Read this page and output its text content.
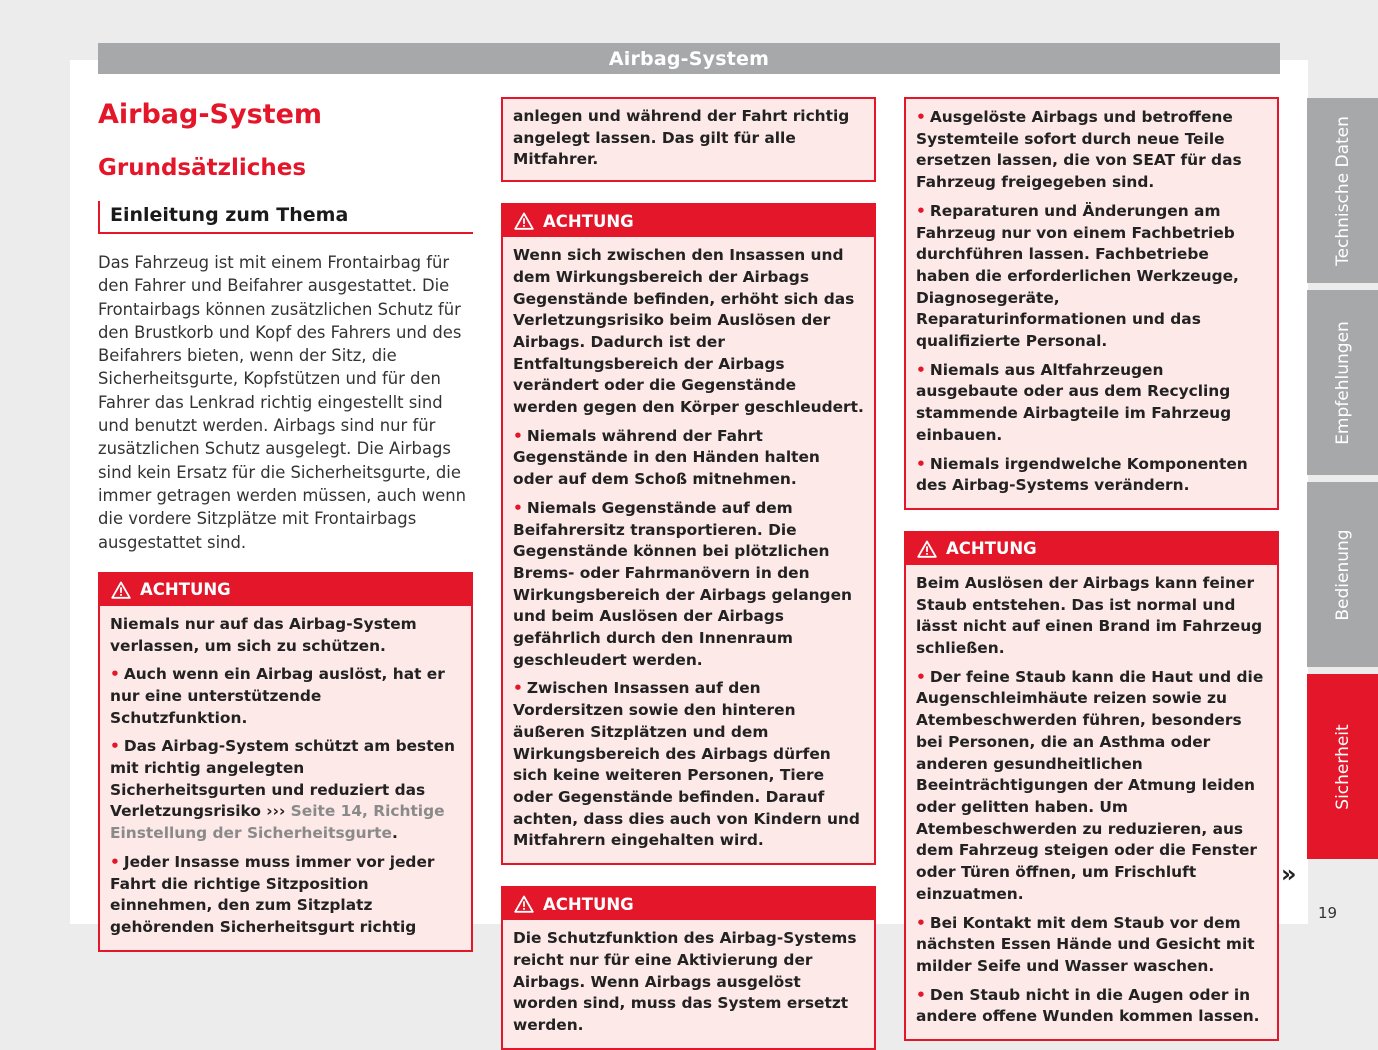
Airbag-System
Airbag-System
Grundsätzliches
Einleitung zum Thema
Das Fahrzeug ist mit einem Frontairbag für den Fahrer und Beifahrer ausgestattet. Die Frontairbags können zusätzlichen Schutz für den Brustkorb und Kopf des Fahrers und des Beifahrers bieten, wenn der Sitz, die Sicherheitsgurte, Kopfstützen und für den Fahrer das Lenkrad richtig eingestellt sind und benutzt werden. Airbags sind nur für zusätzlichen Schutz ausgelegt. Die Airbags sind kein Ersatz für die Sicherheitsgurte, die immer getragen werden müssen, auch wenn die vordere Sitzplätze mit Frontairbags ausgestattet sind.
ACHTUNG

Niemals nur auf das Airbag-System verlassen, um sich zu schützen.

• Auch wenn ein Airbag auslöst, hat er nur eine unterstützende Schutzfunktion.

• Das Airbag-System schützt am besten mit richtig angelegten Sicherheitsgurten und reduziert das Verletzungsrisiko ››› Seite 14, Richtige Einstellung der Sicherheitsgurte.

• Jeder Insasse muss immer vor jeder Fahrt die richtige Sitzposition einnehmen, den zum Sitzplatz gehörenden Sicherheitsgurt richtig

anlegen und während der Fahrt richtig angelegt lassen. Das gilt für alle Mitfahrer.

ACHTUNG

Wenn sich zwischen den Insassen und dem Wirkungsbereich der Airbags Gegenstände befinden, erhöht sich das Verletzungsrisiko beim Auslösen der Airbags. Dadurch ist der Entfaltungsbereich der Airbags verändert oder die Gegenstände werden gegen den Körper geschleudert.

• Niemals während der Fahrt Gegenstände in den Händen halten oder auf dem Schoß mitnehmen.

• Niemals Gegenstände auf dem Beifahrersitz transportieren. Die Gegenstände können bei plötzlichen Brems- oder Fahrmanövern in den Wirkungsbereich der Airbags gelangen und beim Auslösen der Airbags gefährlich durch den Innenraum geschleudert werden.

• Zwischen Insassen auf den Vordersitzen sowie den hinteren äußeren Sitzplätzen und dem Wirkungsbereich des Airbags dürfen sich keine weiteren Personen, Tiere oder Gegenstände befinden. Darauf achten, dass dies auch von Kindern und Mitfahrern eingehalten wird.

ACHTUNG

Die Schutzfunktion des Airbag-Systems reicht nur für eine Aktivierung der Airbags. Wenn Airbags ausgelöst worden sind, muss das System ersetzt werden.

• Ausgelöste Airbags und betroffene Systemteile sofort durch neue Teile ersetzen lassen, die von SEAT für das Fahrzeug freigegeben sind.

• Reparaturen und Änderungen am Fahrzeug nur von einem Fachbetrieb durchführen lassen. Fachbetriebe haben die erforderlichen Werkzeuge, Diagnosegeräte, Reparaturinformationen und das qualifizierte Personal.

• Niemals aus Altfahrzeugen ausgebaute oder aus dem Recycling stammende Airbagteile im Fahrzeug einbauen.

• Niemals irgendwelche Komponenten des Airbag-Systems verändern.

ACHTUNG

Beim Auslösen der Airbags kann feiner Staub entstehen. Das ist normal und lässt nicht auf einen Brand im Fahrzeug schließen.

• Der feine Staub kann die Haut und die Augenschleimhäute reizen sowie zu Atembeschwerden führen, besonders bei Personen, die an Asthma oder anderen gesundheitlichen Beeinträchtigungen der Atmung leiden oder gelitten haben. Um Atembeschwerden zu reduzieren, aus dem Fahrzeug steigen oder die Fenster oder Türen öffnen, um Frischluft einzuatmen.

• Bei Kontakt mit dem Staub vor dem nächsten Essen Hände und Gesicht mit milder Seife und Wasser waschen.

• Den Staub nicht in die Augen oder in andere offene Wunden kommen lassen.

Technische Daten
Empfehlungen
Bedienung
Sicherheit
»
19
